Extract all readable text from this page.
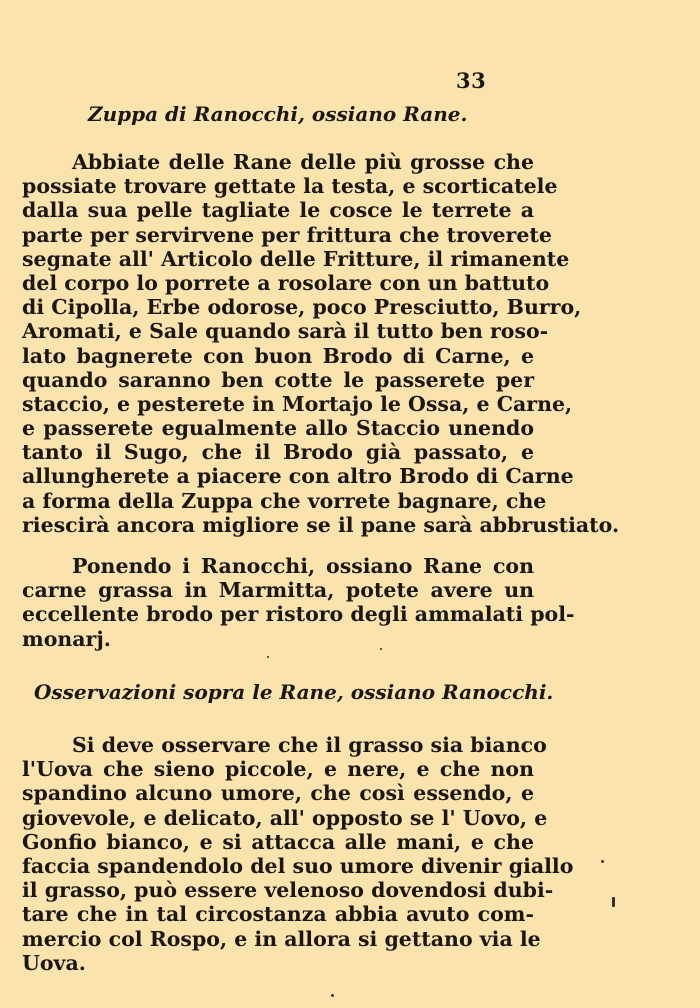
33
Zuppa di Ranocchi, ossiano Rane.

Abbiate delle Rane delle più grosse che
possiate trovare gettate la testa, e scorticatele
dalla sua pelle tagliate le cosce le terrete a
parte per servirvene per frittura che troverete
segnate all' Articolo delle Fritture, il rimanente
del corpo lo porrete a rosolare con un battuto
di Cipolla, Erbe odorose, poco Presciutto, Burro,
Aromati, e Sale quando sarà il tutto ben roso-
lato bagnerete con buon Brodo di Carne, e
quando saranno ben cotte le passerete per
staccio, e pesterete in Mortajo le Ossa, e Carne,
e passerete egualmente allo Staccio unendo
tanto il Sugo, che il Brodo già passato, e
allungherete a piacere con altro Brodo di Carne
a forma della Zuppa che vorrete bagnare, che
riescirà ancora migliore se il pane sarà abbrustiato.

Ponendo i Ranocchi, ossiano Rane con
carne grassa in Marmitta, potete avere un
eccellente brodo per ristoro degli ammalati pol-
monarj.

Osservazioni sopra le Rane, ossiano Ranocchi.

Si deve osservare che il grasso sia bianco
l'Uova che sieno piccole, e nere, e che non
spandino alcuno umore, che così essendo, e
giovevole, e delicato, all' opposto se l' Uovo, e
Gonfio bianco, e si attacca alle mani, e che
faccia spandendolo del suo umore divenir giallo
il grasso, può essere velenoso dovendosi dubi-
tare che in tal circostanza abbia avuto com-
mercio col Rospo, e in allora si gettano via le
Uova.
